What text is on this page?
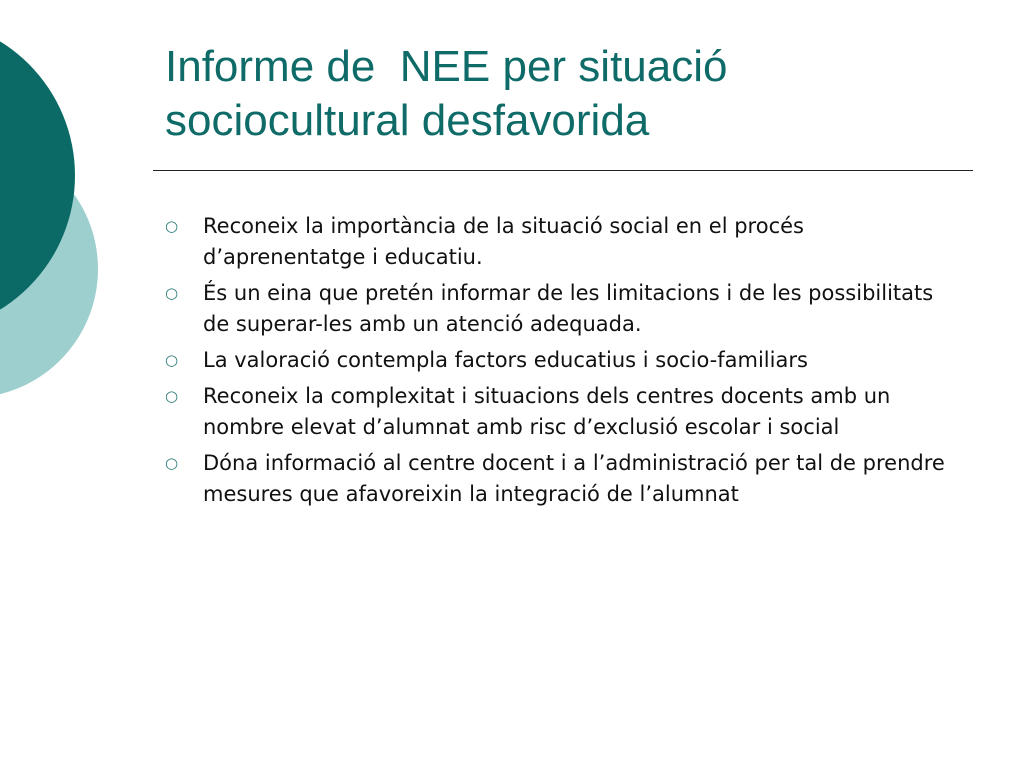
Informe de  NEE per situació
sociocultural desfavorida
○	Reconeix la importància de la situació social en el procés d’aprenentatge i educatiu.
○	És un eina que pretén informar de les limitacions i de les possibilitats de superar-les amb un atenció adequada.
○	La valoració contempla factors educatius i socio-familiars
○	Reconeix la complexitat i situacions dels centres docents amb un nombre elevat d’alumnat amb risc d’exclusió escolar i social
○	Dóna informació al centre docent i a l’administració per tal de prendre mesures que afavoreixin la integració de l’alumnat
